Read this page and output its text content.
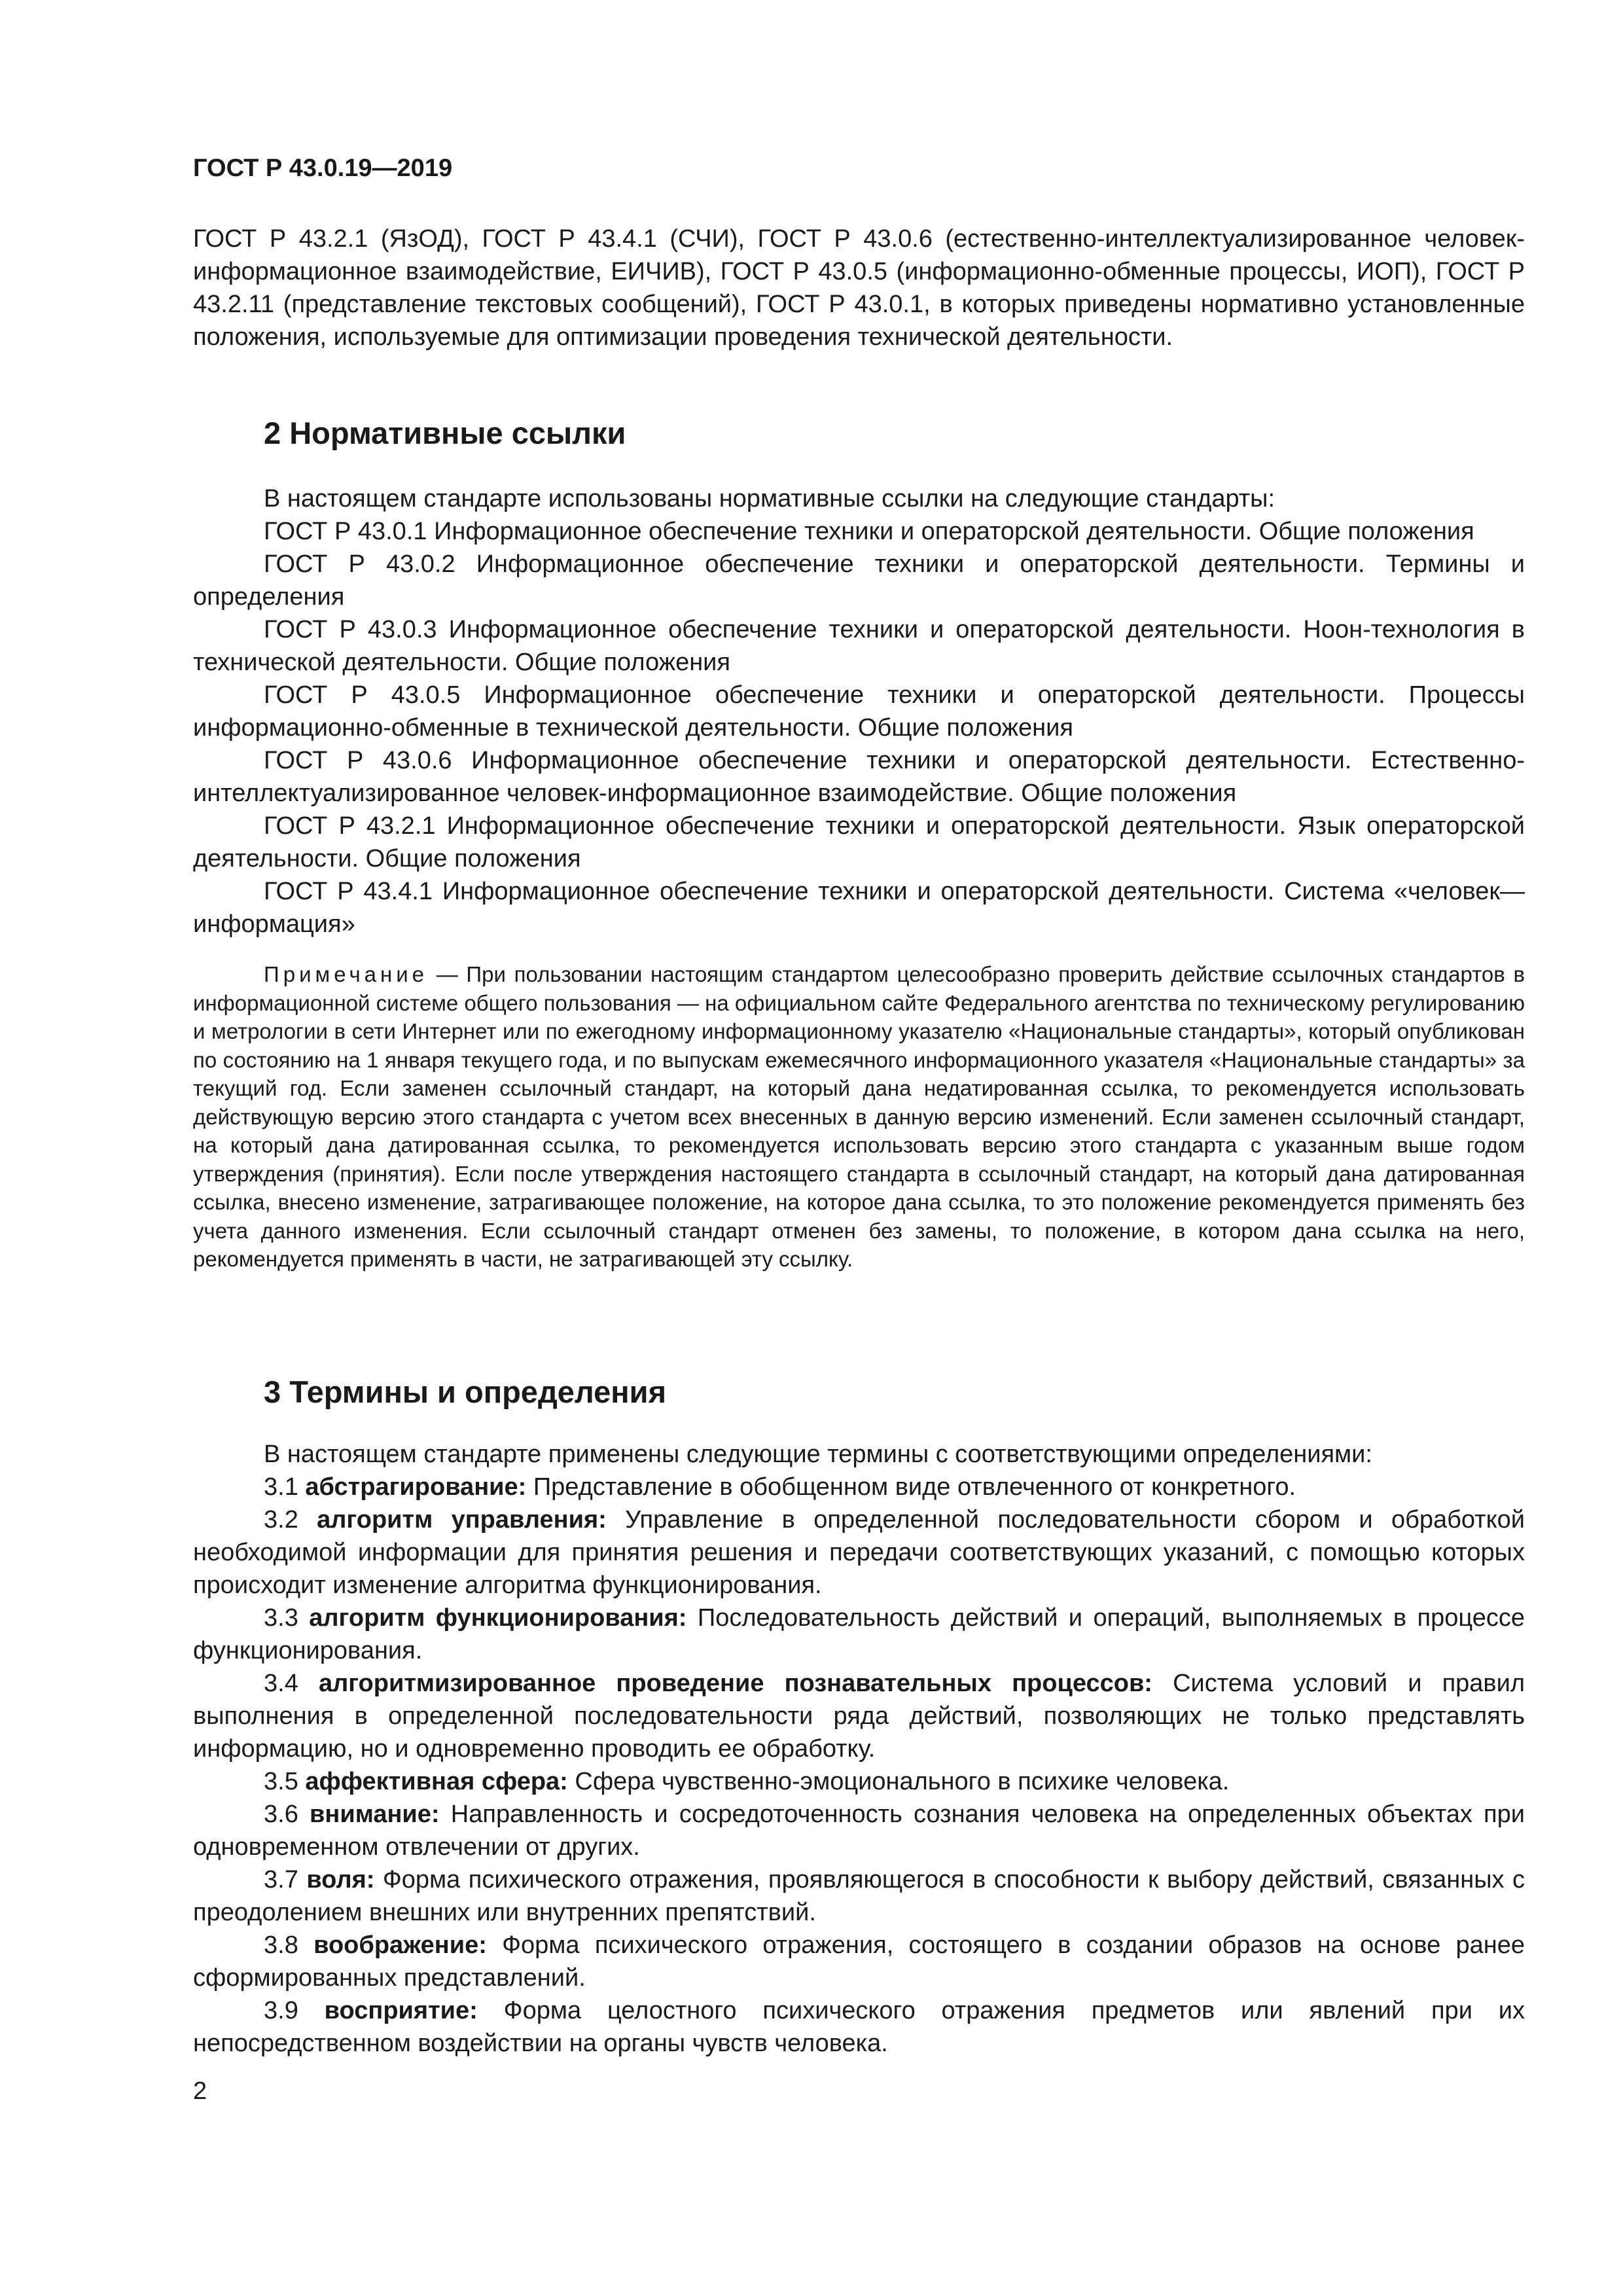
ГОСТ Р 43.0.19—2019

ГОСТ Р 43.2.1 (ЯзОД), ГОСТ Р 43.4.1 (СЧИ), ГОСТ Р 43.0.6 (естественно-интеллектуализированное человек-информационное взаимодействие, ЕИЧИВ), ГОСТ Р 43.0.5 (информационно-обменные процессы, ИОП), ГОСТ Р 43.2.11 (представление текстовых сообщений), ГОСТ Р 43.0.1, в которых приведены нормативно установленные положения, используемые для оптимизации проведения технической деятельности.

2 Нормативные ссылки

В настоящем стандарте использованы нормативные ссылки на следующие стандарты:

ГОСТ Р 43.0.1 Информационное обеспечение техники и операторской деятельности. Общие положения

ГОСТ Р 43.0.2 Информационное обеспечение техники и операторской деятельности. Термины и определения

ГОСТ Р 43.0.3 Информационное обеспечение техники и операторской деятельности. Ноон-технология в технической деятельности. Общие положения

ГОСТ Р 43.0.5 Информационное обеспечение техники и операторской деятельности. Процессы информационно-обменные в технической деятельности. Общие положения

ГОСТ Р 43.0.6 Информационное обеспечение техники и операторской деятельности. Естественно-интеллектуализированное человек-информационное взаимодействие. Общие положения

ГОСТ Р 43.2.1 Информационное обеспечение техники и операторской деятельности. Язык операторской деятельности. Общие положения

ГОСТ Р 43.4.1 Информационное обеспечение техники и операторской деятельности. Система «человек—информация»

Примечание — При пользовании настоящим стандартом целесообразно проверить действие ссылочных стандартов в информационной системе общего пользования — на официальном сайте Федерального агентства по техническому регулированию и метрологии в сети Интернет или по ежегодному информационному указателю «Национальные стандарты», который опубликован по состоянию на 1 января текущего года, и по выпускам ежемесячного информационного указателя «Национальные стандарты» за текущий год. Если заменен ссылочный стандарт, на который дана недатированная ссылка, то рекомендуется использовать действующую версию этого стандарта с учетом всех внесенных в данную версию изменений. Если заменен ссылочный стандарт, на который дана датированная ссылка, то рекомендуется использовать версию этого стандарта с указанным выше годом утверждения (принятия). Если после утверждения настоящего стандарта в ссылочный стандарт, на который дана датированная ссылка, внесено изменение, затрагивающее положение, на которое дана ссылка, то это положение рекомендуется применять без учета данного изменения. Если ссылочный стандарт отменен без замены, то положение, в котором дана ссылка на него, рекомендуется применять в части, не затрагивающей эту ссылку.

3 Термины и определения

В настоящем стандарте применены следующие термины с соответствующими определениями:

3.1 абстрагирование: Представление в обобщенном виде отвлеченного от конкретного.

3.2 алгоритм управления: Управление в определенной последовательности сбором и обработкой необходимой информации для принятия решения и передачи соответствующих указаний, с помощью которых происходит изменение алгоритма функционирования.

3.3 алгоритм функционирования: Последовательность действий и операций, выполняемых в процессе функционирования.

3.4 алгоритмизированное проведение познавательных процессов: Система условий и правил выполнения в определенной последовательности ряда действий, позволяющих не только представлять информацию, но и одновременно проводить ее обработку.

3.5 аффективная сфера: Сфера чувственно-эмоционального в психике человека.

3.6 внимание: Направленность и сосредоточенность сознания человека на определенных объектах при одновременном отвлечении от других.

3.7 воля: Форма психического отражения, проявляющегося в способности к выбору действий, связанных с преодолением внешних или внутренних препятствий.

3.8 воображение: Форма психического отражения, состоящего в создании образов на основе ранее сформированных представлений.

3.9 восприятие: Форма целостного психического отражения предметов или явлений при их непосредственном воздействии на органы чувств человека.

2
